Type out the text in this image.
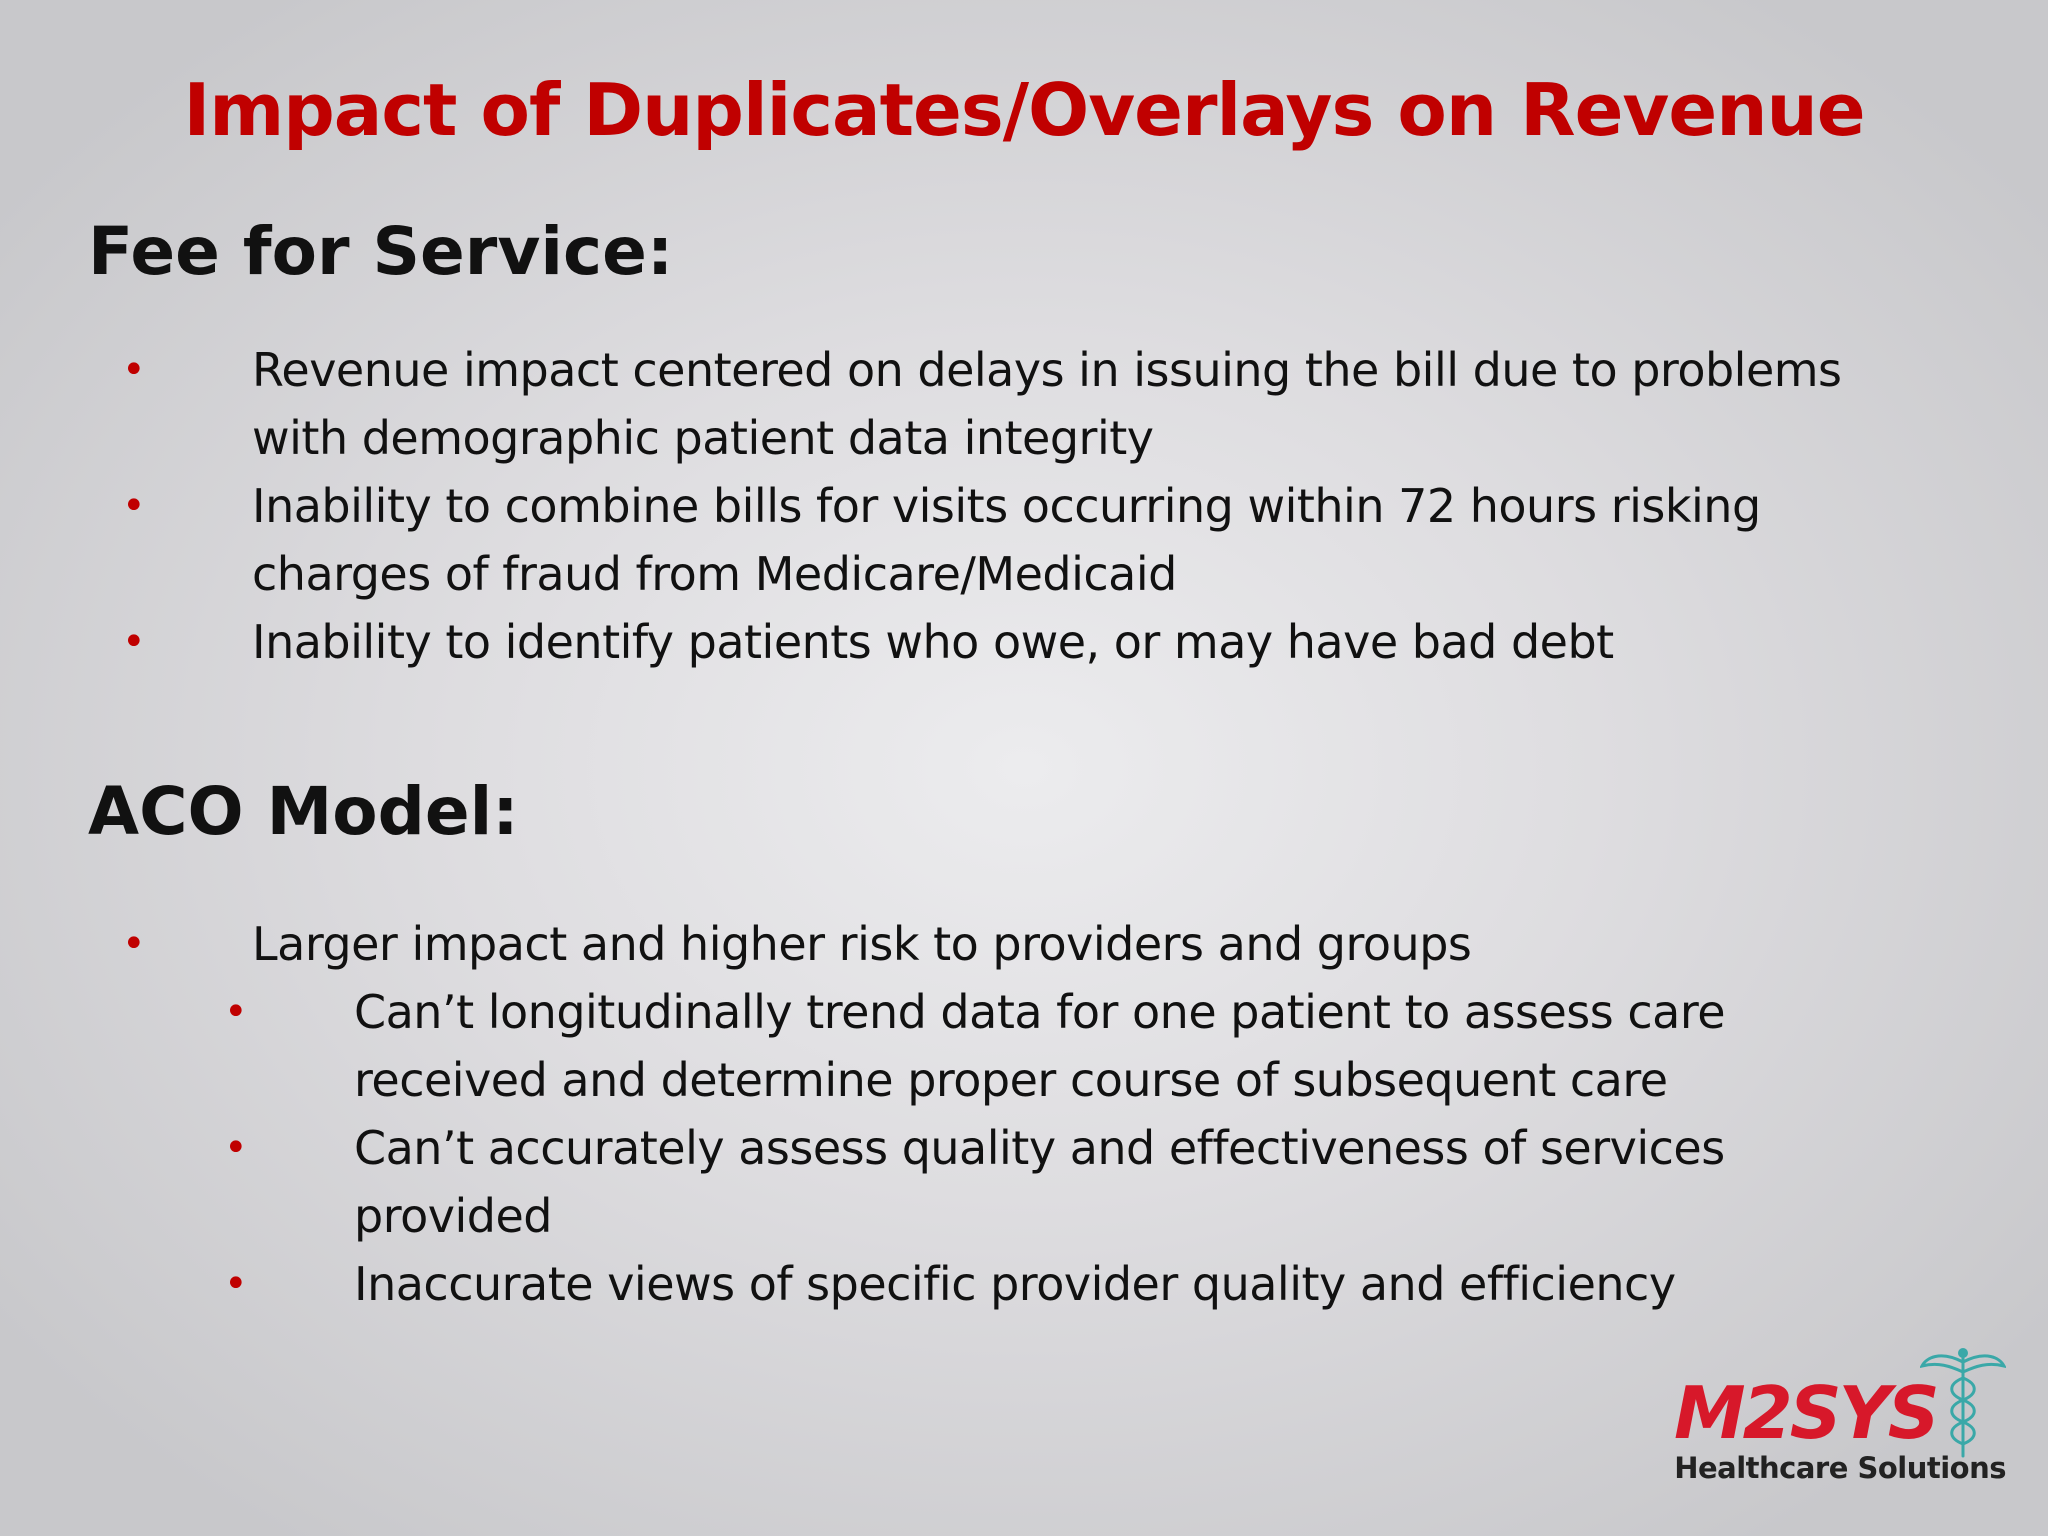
Impact of Duplicates/Overlays on Revenue
Fee for Service:
• Revenue impact centered on delays in issuing the bill due to problems with demographic patient data integrity
• Inability to combine bills for visits occurring within 72 hours risking charges of fraud from Medicare/Medicaid
• Inability to identify patients who owe, or may have bad debt
ACO Model:
• Larger impact and higher risk to providers and groups
• Can’t longitudinally trend data for one patient to assess care received and determine proper course of subsequent care
• Can’t accurately assess quality and effectiveness of services provided
• Inaccurate views of specific provider quality and efficiency
M2SYS
Healthcare Solutions
